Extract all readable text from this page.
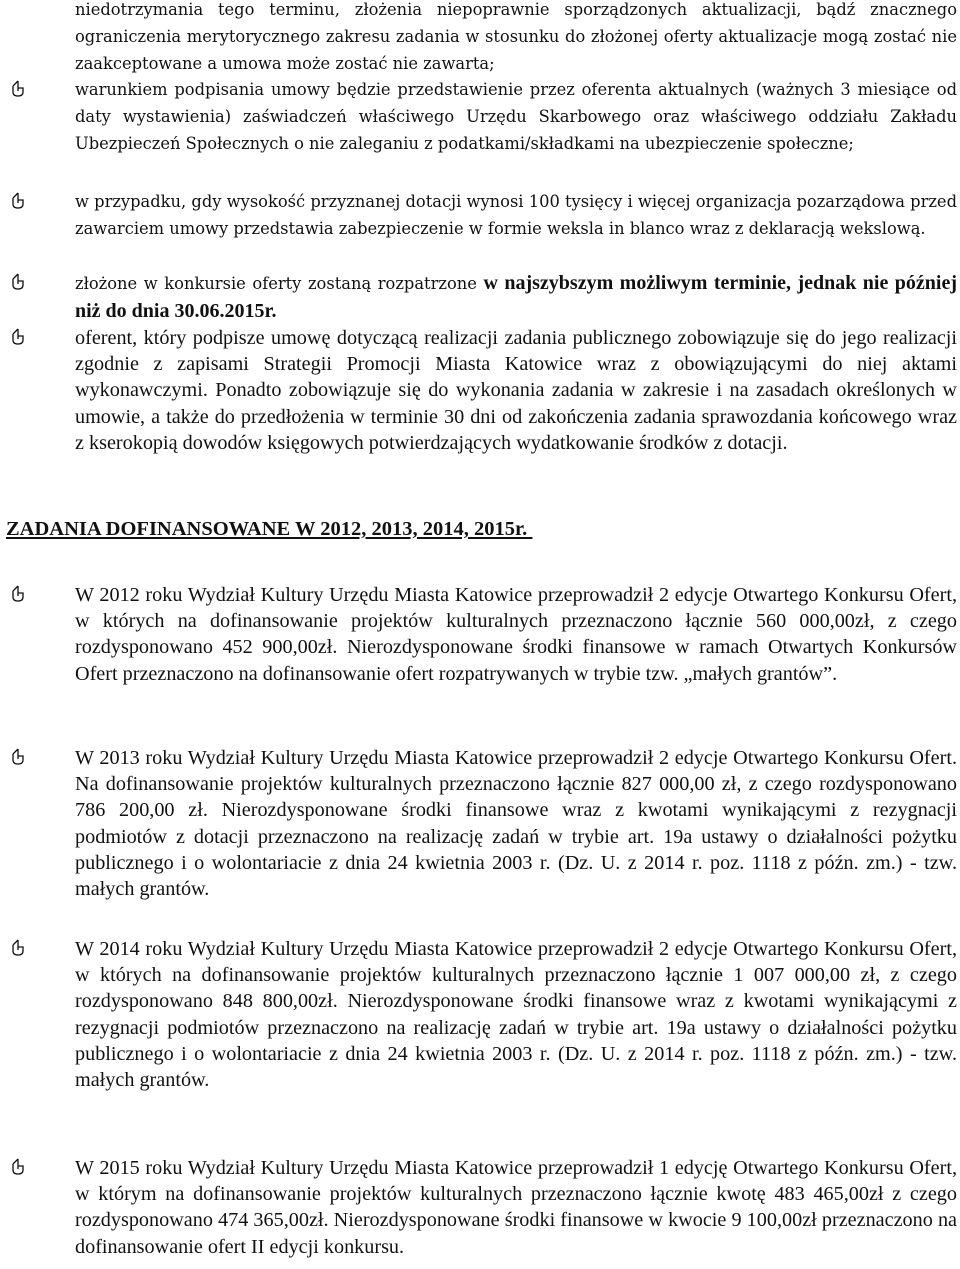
niedotrzymania tego terminu, złożenia niepoprawnie sporządzonych aktualizacji, bądź znacznego ograniczenia merytorycznego zakresu zadania w stosunku do złożonej oferty aktualizacje mogą zostać nie zaakceptowane a umowa może zostać nie zawarta;
warunkiem podpisania umowy będzie przedstawienie przez oferenta aktualnych (ważnych 3 miesiące od daty wystawienia) zaświadczeń właściwego Urzędu Skarbowego oraz właściwego oddziału Zakładu Ubezpieczeń Społecznych o nie zaleganiu z podatkami/składkami na ubezpieczenie społeczne;
w przypadku, gdy wysokość przyznanej dotacji wynosi 100 tysięcy i więcej organizacja pozarządowa przed zawarciem umowy przedstawia zabezpieczenie w formie weksla in blanco wraz z deklaracją wekslową.
złożone w konkursie oferty zostaną rozpatrzone w najszybszym możliwym terminie, jednak nie później niż do dnia 30.06.2015r.
oferent, który podpisze umowę dotyczącą realizacji zadania publicznego zobowiązuje się do jego realizacji zgodnie z zapisami Strategii Promocji Miasta Katowice wraz z obowiązującymi do niej aktami wykonawczymi. Ponadto zobowiązuje się do wykonania zadania w zakresie i na zasadach określonych w umowie, a także do przedłożenia w terminie 30 dni od zakończenia zadania sprawozdania końcowego wraz z kserokopią dowodów księgowych potwierdzających wydatkowanie środków z dotacji.
ZADANIA DOFINANSOWANE W 2012, 2013, 2014, 2015r.
W 2012 roku Wydział Kultury Urzędu Miasta Katowice przeprowadził 2 edycje Otwartego Konkursu Ofert, w których na dofinansowanie projektów kulturalnych przeznaczono łącznie 560 000,00zł, z czego rozdysponowano 452 900,00zł. Nierozdysponowane środki finansowe w ramach Otwartych Konkursów Ofert przeznaczono na dofinansowanie ofert rozpatrywanych w trybie tzw. „małych grantów”.
W 2013 roku Wydział Kultury Urzędu Miasta Katowice przeprowadził 2 edycje Otwartego Konkursu Ofert. Na dofinansowanie projektów kulturalnych przeznaczono łącznie 827 000,00 zł, z czego rozdysponowano 786 200,00 zł. Nierozdysponowane środki finansowe wraz z kwotami wynikającymi z rezygnacji podmiotów z dotacji przeznaczono na realizację zadań w trybie art. 19a ustawy o działalności pożytku publicznego i o wolontariacie z dnia 24 kwietnia 2003 r. (Dz. U. z 2014 r. poz. 1118 z późn. zm.) - tzw. małych grantów.
W 2014 roku Wydział Kultury Urzędu Miasta Katowice przeprowadził 2 edycje Otwartego Konkursu Ofert, w których na dofinansowanie projektów kulturalnych przeznaczono łącznie 1 007 000,00 zł, z czego rozdysponowano 848 800,00zł. Nierozdysponowane środki finansowe wraz z kwotami wynikającymi z rezygnacji podmiotów przeznaczono na realizację zadań w trybie art. 19a ustawy o działalności pożytku publicznego i o wolontariacie z dnia 24 kwietnia 2003 r. (Dz. U. z 2014 r. poz. 1118 z późn. zm.) - tzw. małych grantów.
W 2015 roku Wydział Kultury Urzędu Miasta Katowice przeprowadził 1 edycję Otwartego Konkursu Ofert, w którym na dofinansowanie projektów kulturalnych przeznaczono łącznie kwotę 483 465,00zł z czego rozdysponowano 474 365,00zł. Nierozdysponowane środki finansowe w kwocie 9 100,00zł przeznaczono na dofinansowanie ofert II edycji konkursu.
